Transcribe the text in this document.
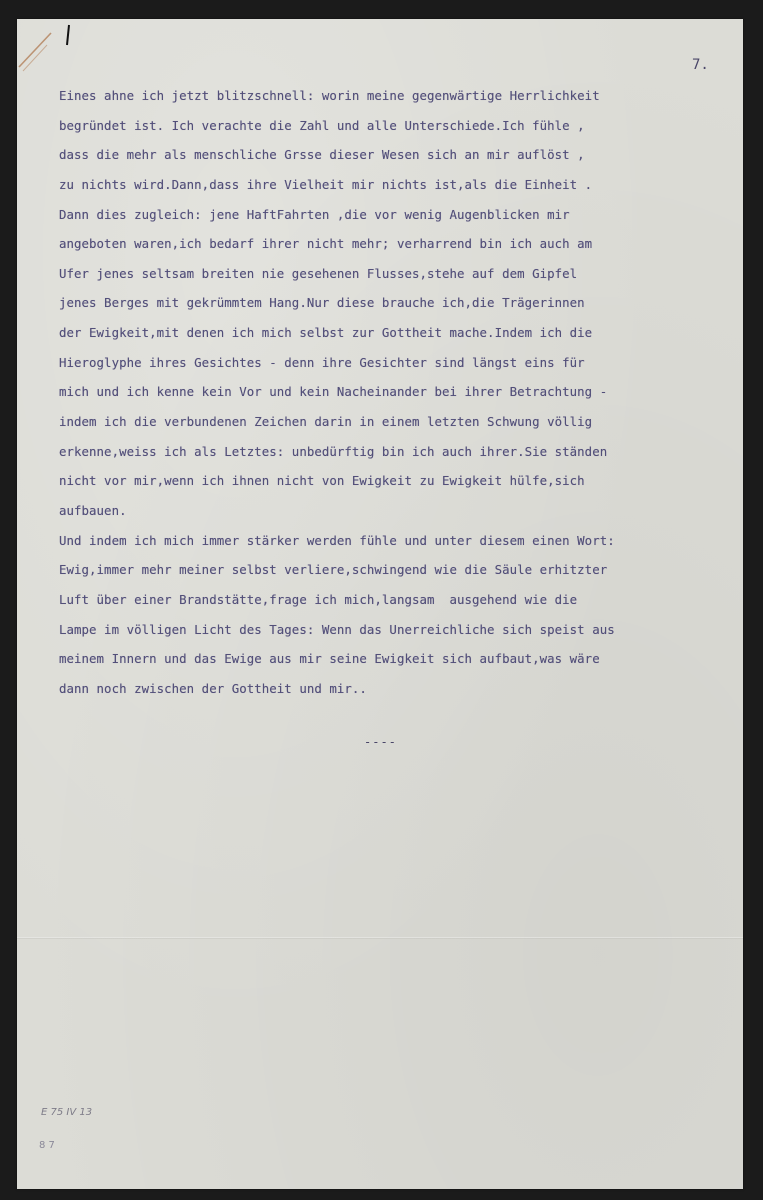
7.
Eines ahne ich jetzt blitzschnell: worin meine gegenwärtige Herrlichkeit
begründet ist. Ich verachte die Zahl und alle Unterschiede.Ich fühle ,
dass die mehr als menschliche Grsse dieser Wesen sich an mir auflöst ,
zu nichts wird.Dann,dass ihre Vielheit mir nichts ist,als die Einheit .
Dann dies zugleich: jene HaftFahrten ,die vor wenig Augenblicken mir
angeboten waren,ich bedarf ihrer nicht mehr; verharrend bin ich auch am
Ufer jenes seltsam breiten nie gesehenen Flusses,stehe auf dem Gipfel
jenes Berges mit gekrümmtem Hang.Nur diese brauche ich,die Trägerinnen
der Ewigkeit,mit denen ich mich selbst zur Gottheit mache.Indem ich die
Hieroglyphe ihres Gesichtes - denn ihre Gesichter sind längst eins für
mich und ich kenne kein Vor und kein Nacheinander bei ihrer Betrachtung -
indem ich die verbundenen Zeichen darin in einem letzten Schwung völlig
erkenne,weiss ich als Letztes: unbedürftig bin ich auch ihrer.Sie ständen
nicht vor mir,wenn ich ihnen nicht von Ewigkeit zu Ewigkeit hülfe,sich
aufbauen.
Und indem ich mich immer stärker werden fühle und unter diesem einen Wort:
Ewig,immer mehr meiner selbst verliere,schwingend wie die Säule erhitzter
Luft über einer Brandstätte,frage ich mich,langsam  ausgehend wie die
Lampe im völligen Licht des Tages: Wenn das Unerreichliche sich speist aus
meinem Innern und das Ewige aus mir seine Ewigkeit sich aufbaut,was wäre
dann noch zwischen der Gottheit und mir..
----
E 75 IV 13
8 7
